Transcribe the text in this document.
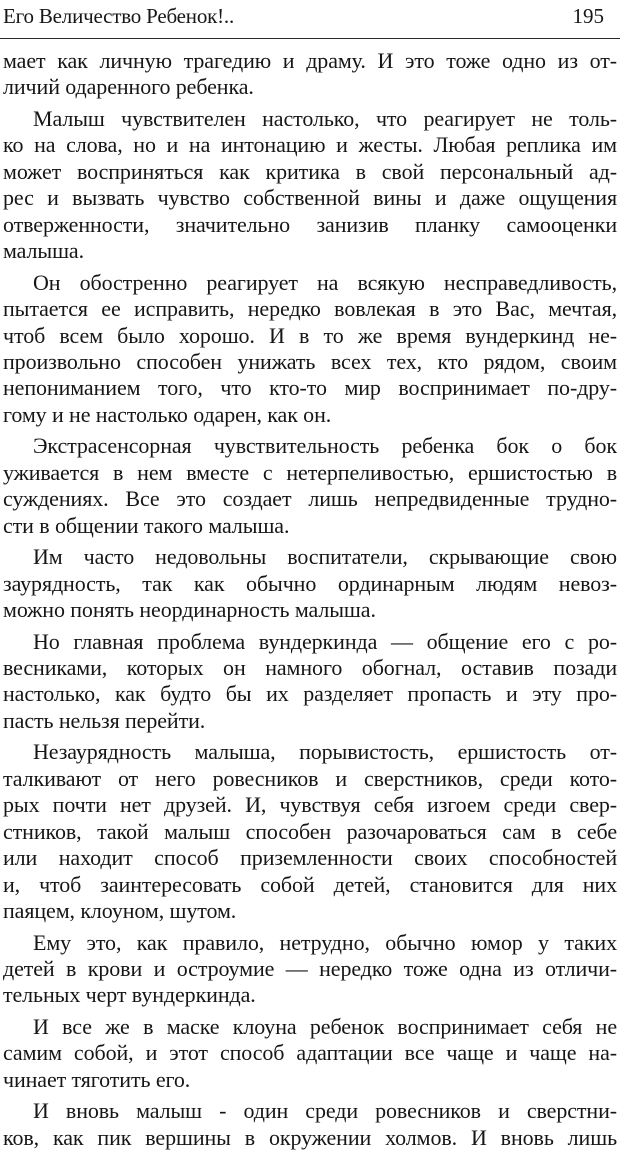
Его Величество Ребенок!..	195
мает как личную трагедию и драму. И это тоже одно из от-
личий одаренного ребенка.
Малыш чувствителен настолько, что реагирует не толь-
ко на слова, но и на интонацию и жесты. Любая реплика им
может восприняться как критика в свой персональный ад-
рес и вызвать чувство собственной вины и даже ощущения
отверженности, значительно занизив планку самооценки
малыша.
Он обостренно реагирует на всякую несправедливость,
пытается ее исправить, нередко вовлекая в это Вас, мечтая,
чтоб всем было хорошо. И в то же время вундеркинд не-
произвольно способен унижать всех тех, кто рядом, своим
непониманием того, что кто-то мир воспринимает по-дру-
гому и не настолько одарен, как он.
Экстрасенсорная чувствительность ребенка бок о бок
уживается в нем вместе с нетерпеливостью, ершистостью в
суждениях. Все это создает лишь непредвиденные трудно-
сти в общении такого малыша.
Им часто недовольны воспитатели, скрывающие свою
заурядность, так как обычно ординарным людям невоз-
можно понять неординарность малыша.
Но главная проблема вундеркинда — общение его с ро-
весниками, которых он намного обогнал, оставив позади
настолько, как будто бы их разделяет пропасть и эту про-
пасть нельзя перейти.
Незаурядность малыша, порывистость, ершистость от-
талкивают от него ровесников и сверстников, среди кото-
рых почти нет друзей. И, чувствуя себя изгоем среди свер-
стников, такой малыш способен разочароваться сам в себе
или находит способ приземленности своих способностей
и, чтоб заинтересовать собой детей, становится для них
паяцем, клоуном, шутом.
Ему это, как правило, нетрудно, обычно юмор у таких
детей в крови и остроумие — нередко тоже одна из отличи-
тельных черт вундеркинда.
И все же в маске клоуна ребенок воспринимает себя не
самим собой, и этот способ адаптации все чаще и чаще на-
чинает тяготить его.
И вновь малыш - один среди ровесников и сверстни-
ков, как пик вершины в окружении холмов. И вновь лишь
